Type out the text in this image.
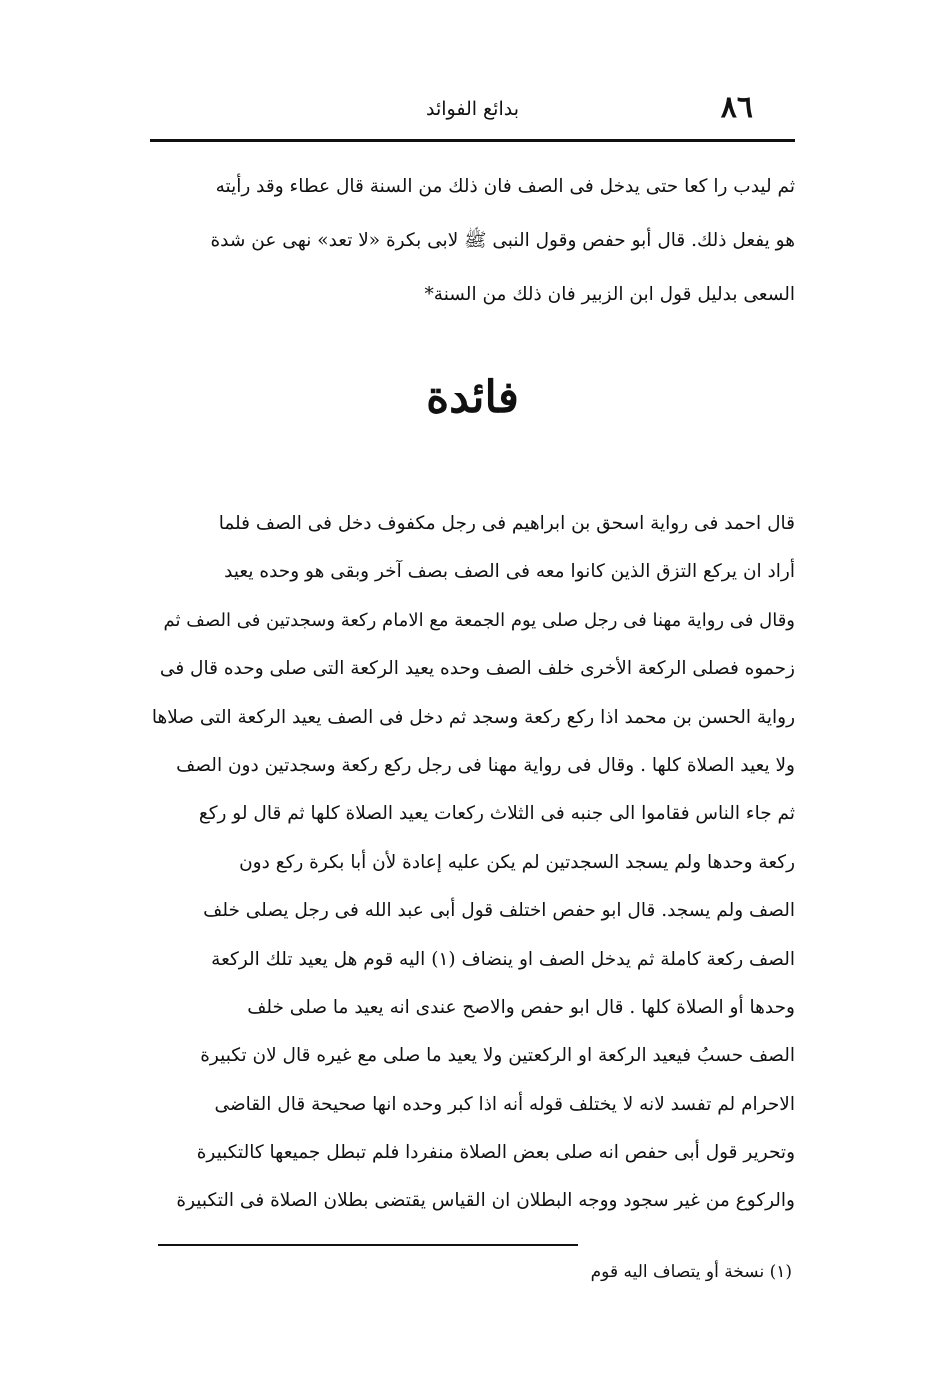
٨٦
بدائع الفوائد
ثم ليدب را كعا حتى يدخل فى الصف فان ذلك من السنة قال عطاء وقد رأيته
هو يفعل ذلك. قال أبو حفص وقول النبى ﷺ لابى بكرة «لا تعد» نهى عن شدة
السعى بدليل قول ابن الزبير فان ذلك من السنة*
فائدة
قال احمد فى رواية اسحق بن ابراهيم فى رجل مكفوف دخل فى الصف فلما
أراد ان يركع التزق الذين كانوا معه فى الصف بصف آخر وبقى هو وحده يعيد
وقال فى رواية مهنا فى رجل صلى يوم الجمعة مع الامام ركعة وسجدتين فى الصف ثم
زحموه فصلى الركعة الأخرى خلف الصف وحده يعيد الركعة التى صلى وحده قال فى
رواية الحسن بن محمد اذا ركع ركعة وسجد ثم دخل فى الصف يعيد الركعة التى صلاها
ولا يعيد الصلاة كلها . وقال فى رواية مهنا فى رجل ركع ركعة وسجدتين دون الصف
ثم جاء الناس فقاموا الى جنبه فى الثلاث ركعات يعيد الصلاة كلها ثم قال لو ركع
ركعة وحدها ولم يسجد السجدتين لم يكن عليه إعادة لأن أبا بكرة ركع دون
الصف ولم يسجد. قال ابو حفص اختلف قول أبى عبد الله فى رجل يصلى خلف
الصف ركعة كاملة ثم يدخل الصف او ينضاف (١) اليه قوم هل يعيد تلك الركعة
وحدها أو الصلاة كلها . قال ابو حفص والاصح عندى انه يعيد ما صلى خلف
الصف حسبُ فيعيد الركعة او الركعتين ولا يعيد ما صلى مع غيره قال لان تكبيرة
الاحرام لم تفسد لانه لا يختلف قوله أنه اذا كبر وحده انها صحيحة قال القاضى
وتحرير قول أبى حفص انه صلى بعض الصلاة منفردا فلم تبطل جميعها كالتكبيرة
والركوع من غير سجود ووجه البطلان ان القياس يقتضى بطلان الصلاة فى التكبيرة
(١) نسخة أو يتصاف اليه قوم
